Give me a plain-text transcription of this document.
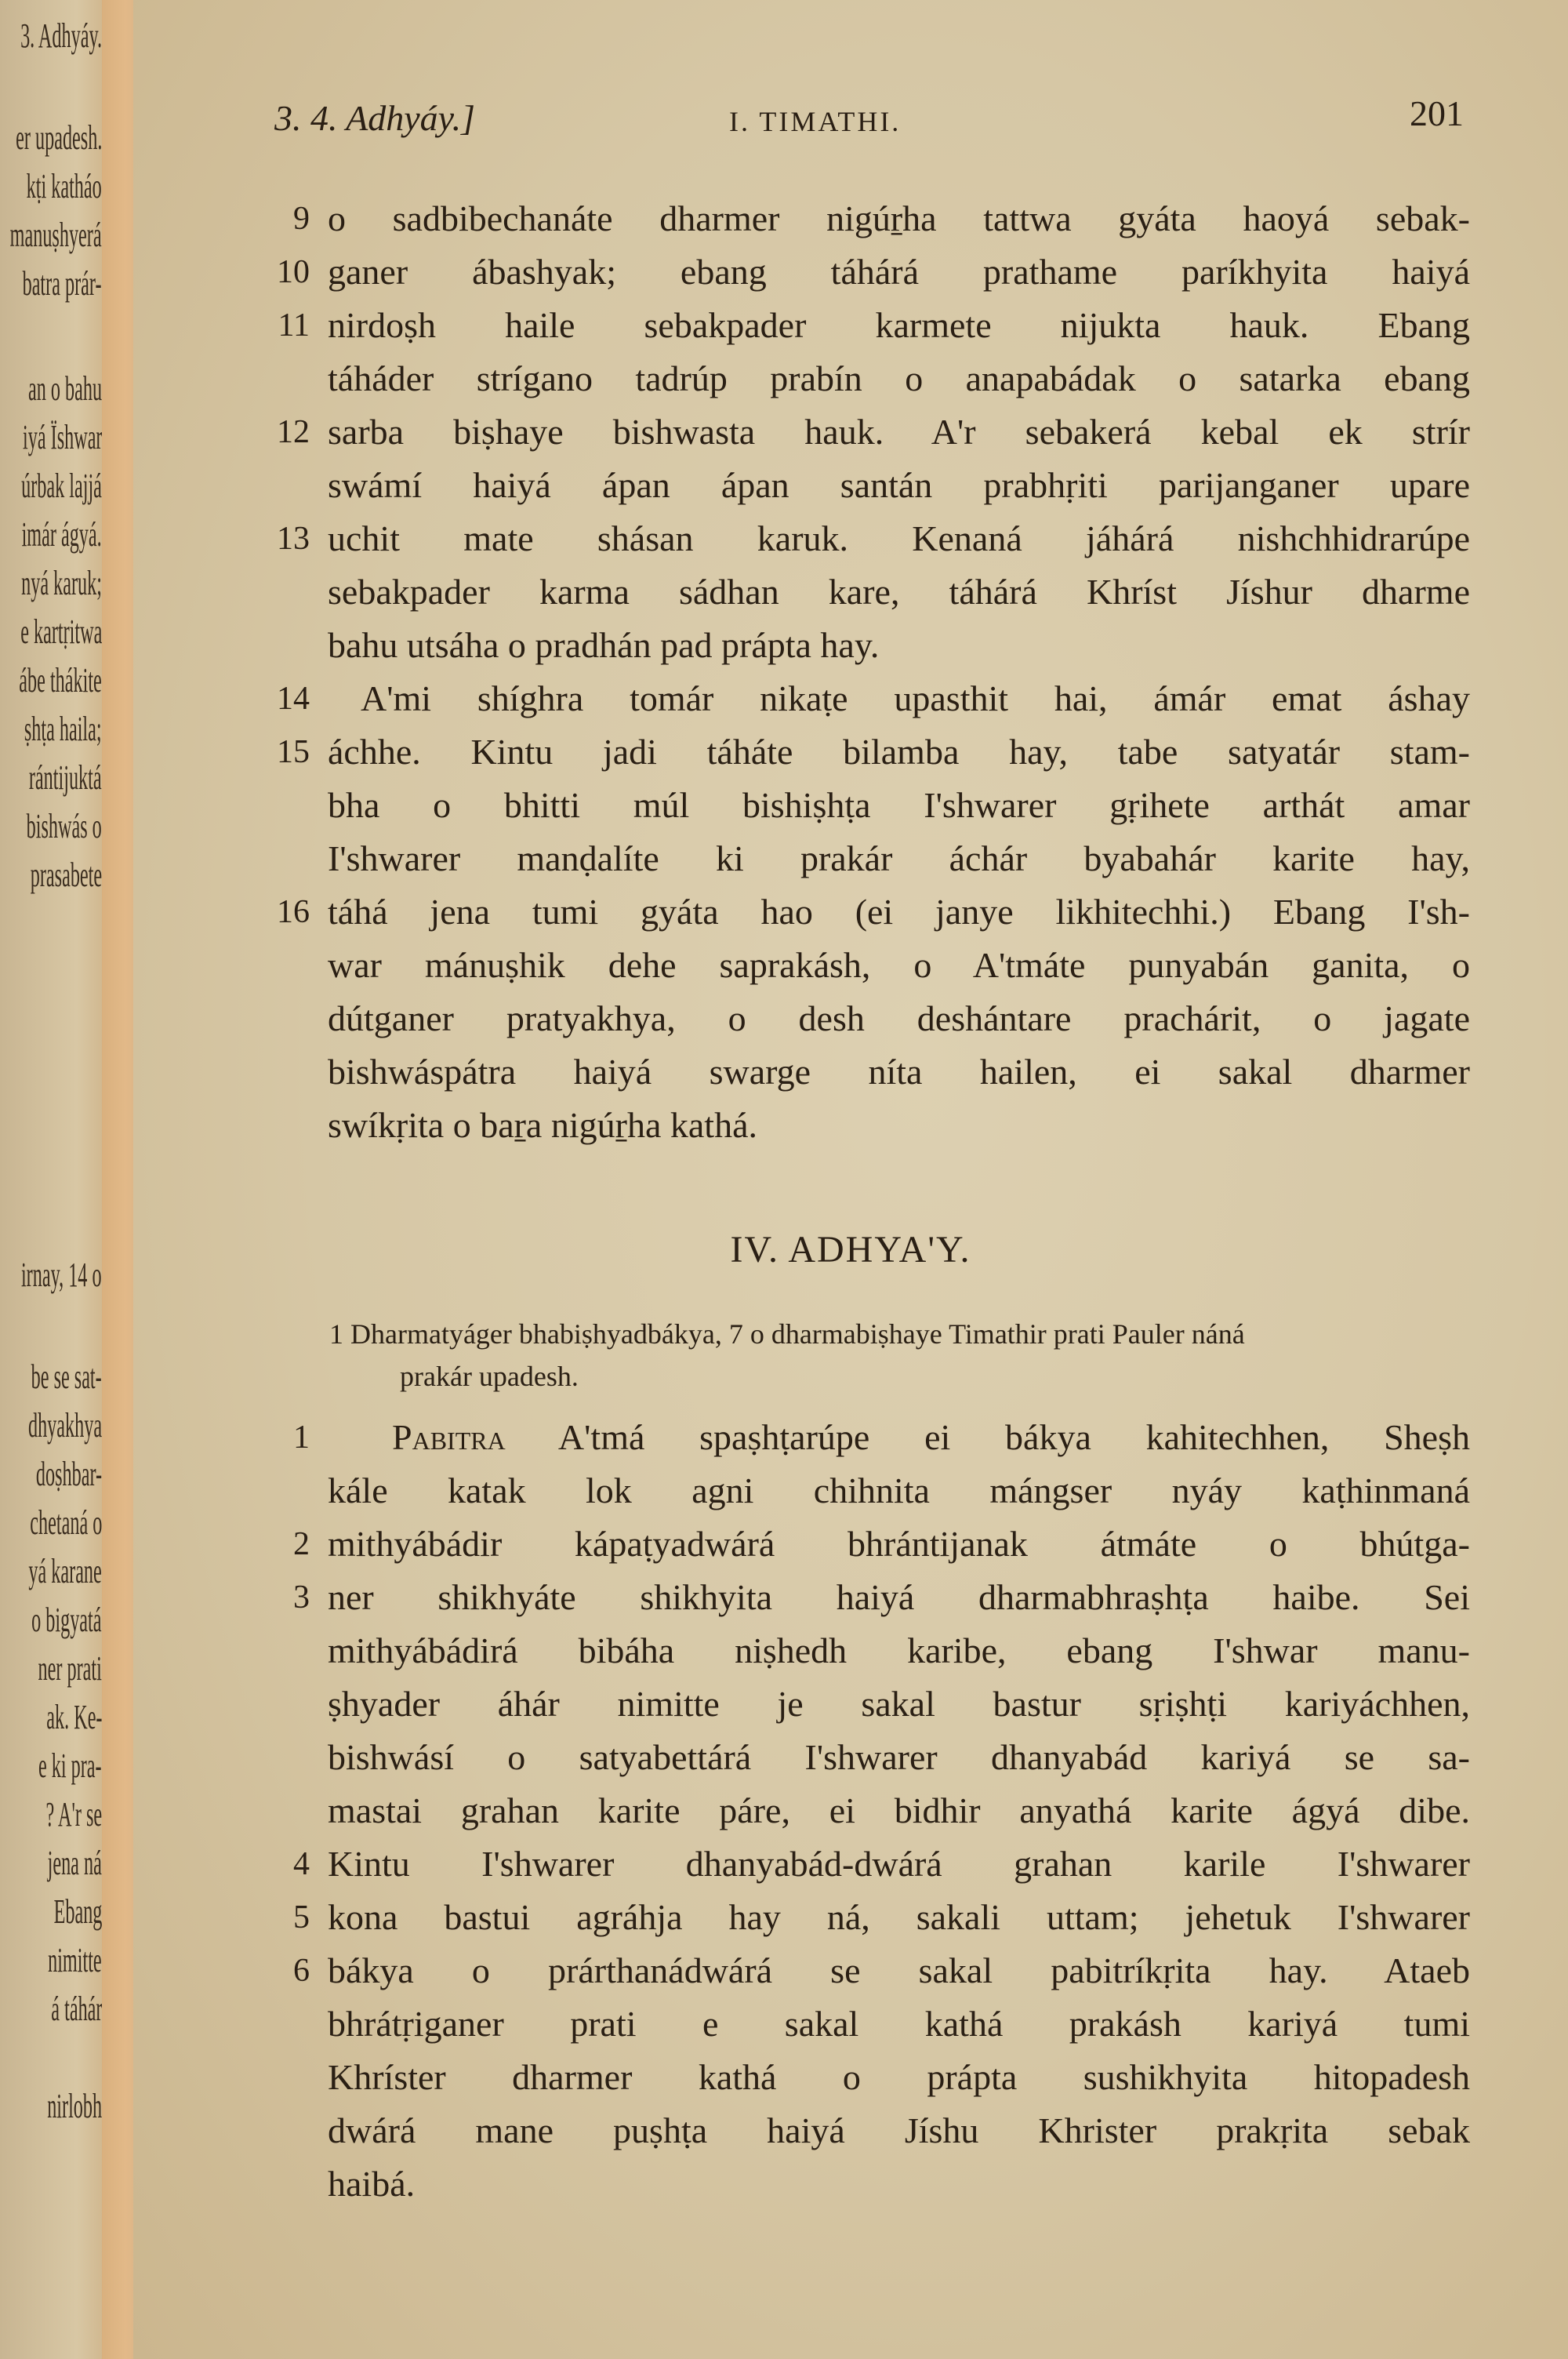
3. Adhyáy.
er upadesh.
kṭi katháo
manuṣhyerá
batra prár-
an o bahu
iyá Ïshwar
úrbak lajjá
imár ágyá.
nyá karuk;
e kartṛitwa
ábe thákite
ṣhṭa haila;
rántijuktá
bishwás o
prasabete
irnay, 14 o
be se sat-
dhyakhya
doṣhbar-
chetaná o
yá karane
o bigyatá
ner prati
ak. Ke-
e ki pra-
? A'r se
jena ná
Ebang
nimitte
á táhár
nirlobh
3. 4. Adhyáy.]	I. TIMATHI.	201
9 o sadbibechanáte dharmer nigúṟha tattwa gyáta haoyá sebak-
10 ganer ábashyak; ebang táhárá prathame paríkhyita haiyá
11 nirdoṣh haile sebakpader karmete nijukta hauk. Ebang
táháder strígano tadrúp prabín o anapabádak o satarka ebang
12 sarba biṣhaye bishwasta hauk. A'r sebakerá kebal ek strír
swámí haiyá ápan ápan santán prabhṛiti parijanganer upare
13 uchit mate shásan karuk. Kenaná jáhárá nishchhidrarúpe
sebakpader karma sádhan kare, táhárá Khríst Jíshur dharme
bahu utsáha o pradhán pad prápta hay.
14 A'mi shíghra tomár nikaṭe upasthit hai, ámár emat áshay
15 áchhe. Kintu jadi táháte bilamba hay, tabe satyatár stam-
bha o bhitti múl bishiṣhṭa I'shwarer gṛihete arthát amar
I'shwarer manḍalíte ki prakár áchár byabahár karite hay,
16 táhá jena tumi gyáta hao (ei janye likhitechhi.) Ebang I'sh-
war mánuṣhik dehe saprakásh, o A'tmáte punyabán ganita, o
dútganer pratyakhya, o desh deshántare prachárit, o jagate
bishwáspátra haiyá swarge níta hailen, ei sakal dharmer
swíkṛita o baṟa nigúṟha kathá.
IV. ADHYA'Y.
1 Dharmatyáger bhabiṣhyadbákya, 7 o dharmabiṣhaye Timathir prati Pauler náná
prakár upadesh.
1 Pabitra A'tmá spaṣhṭarúpe ei bákya kahitechhen, Sheṣh
kále katak lok agni chihnita mángser nyáy kaṭhinmaná
2 mithyábádir kápaṭyadwárá bhrántijanak átmáte o bhútga-
3 ner shikhyáte shikhyita haiyá dharmabhraṣhṭa haibe. Sei
mithyábádirá bibáha niṣhedh karibe, ebang I'shwar manu-
ṣhyader áhár nimitte je sakal bastur sṛiṣhṭi kariyáchhen,
bishwásí o satyabettárá I'shwarer dhanyabád kariyá se sa-
mastai grahan karite páre, ei bidhir anyathá karite ágyá dibe.
4 Kintu I'shwarer dhanyabád-dwárá grahan karile I'shwarer
5 kona bastui agráhja hay ná, sakali uttam; jehetuk I'shwarer
6 bákya o prárthanádwárá se sakal pabitríkṛita hay. Ataeb
bhrátṛiganer prati e sakal kathá prakásh kariyá tumi
Khríster dharmer kathá o prápta sushikhyita hitopadesh
dwárá mane puṣhṭa haiyá Jíshu Khrister prakṛita sebak
haibá.
